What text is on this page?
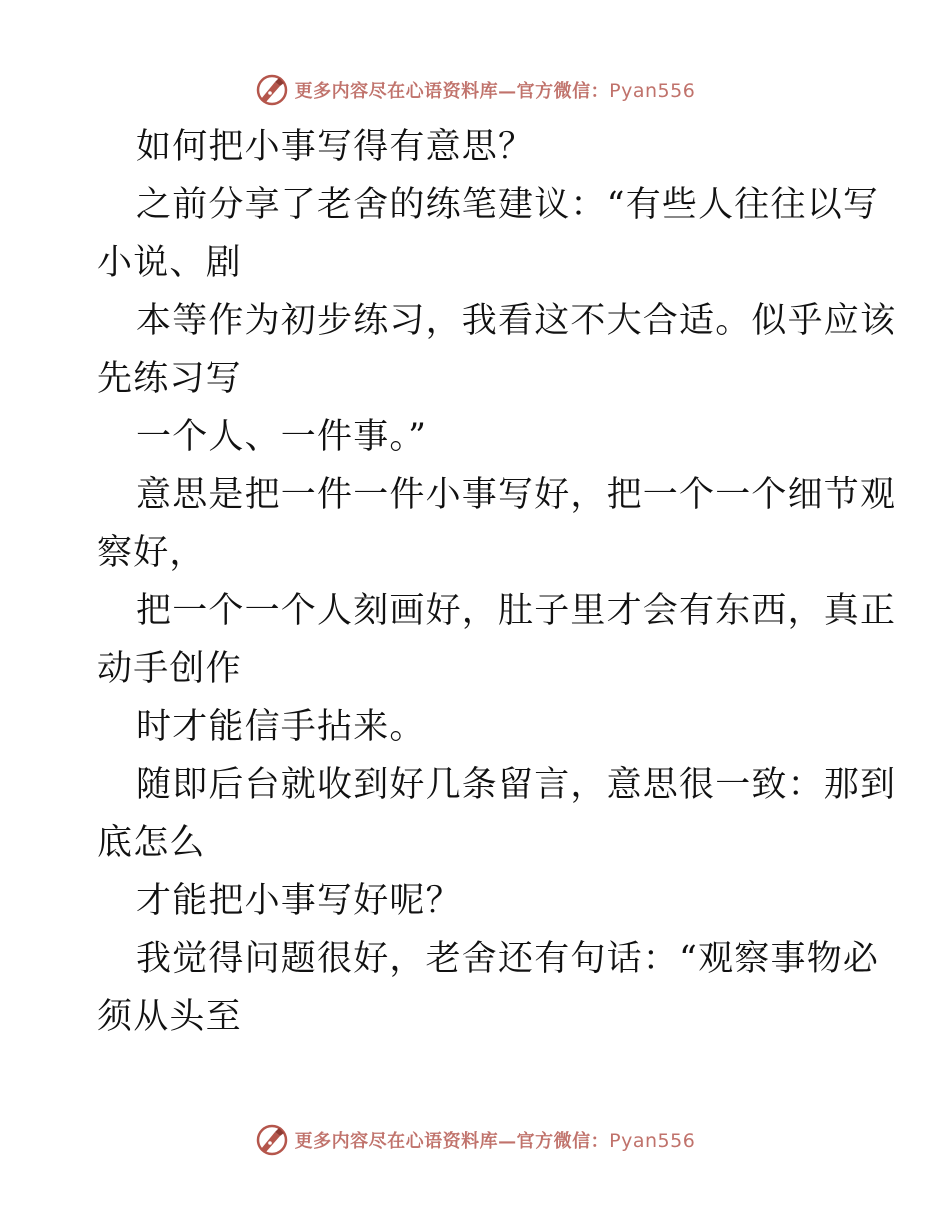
更多内容尽在心语资料库—官方微信：Pyan556
如何把小事写得有意思？
之前分享了老舍的练笔建议：“有些人往往以写
小说、剧
本等作为初步练习，我看这不大合适。似乎应该
先练习写
一个人、一件事。”
意思是把一件一件小事写好，把一个一个细节观
察好，
把一个一个人刻画好，肚子里才会有东西，真正
动手创作
时才能信手拈来。
随即后台就收到好几条留言，意思很一致：那到
底怎么
才能把小事写好呢？
我觉得问题很好，老舍还有句话：“观察事物必
须从头至
更多内容尽在心语资料库—官方微信：Pyan556
